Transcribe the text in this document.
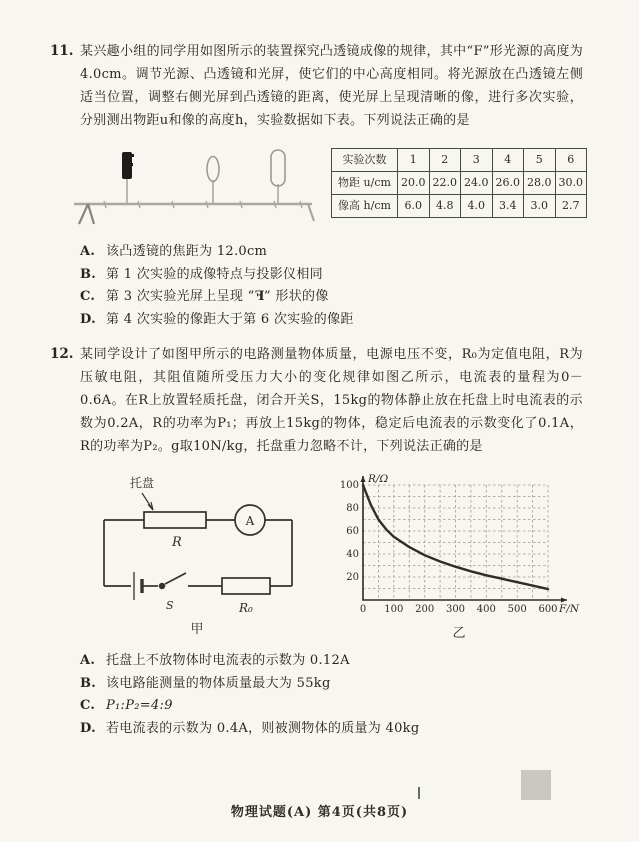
11. 某兴趣小组的同学用如图所示的装置探究凸透镜成像的规律，其中“F”形光源的高度为4.0cm。调节光源、凸透镜和光屏，使它们的中心高度相同。将光源放在凸透镜左侧适当位置，调整右侧光屏到凸透镜的距离，使光屏上呈现清晰的像，进行多次实验，分别测出物距u和像的高度h，实验数据如下表。下列说法正确的是
实验次数	1	2	3	4	5	6
物距 u/cm	20.0	22.0	24.0	26.0	28.0	30.0
像高 h/cm	6.0	4.8	4.0	3.4	3.0	2.7
A. 该凸透镜的焦距为 12.0cm
B. 第 1 次实验的成像特点与投影仪相同
C. 第 3 次实验光屏上呈现 “F” 形状的像
D. 第 4 次实验的像距大于第 6 次实验的像距
12. 某同学设计了如图甲所示的电路测量物体质量，电源电压不变，R₀为定值电阻，R为压敏电阻，其阻值随所受压力大小的变化规律如图乙所示，电流表的量程为0－0.6A。在R上放置轻质托盘，闭合开关S，15kg的物体静止放在托盘上时电流表的示数为0.2A，R的功率为P₁；再放上15kg的物体，稳定后电流表的示数变化了0.1A，R的功率为P₂。g取10N/kg，托盘重力忽略不计，下列说法正确的是
托盘
R
A
S	R₀
甲
20
40
60
80
100
0 100 200 300 400 500 600
R/Ω
F/N
乙
A. 托盘上不放物体时电流表的示数为 0.12A
B. 该电路能测量的物体质量最大为 55kg
C. P₁:P₂=4:9
D. 若电流表的示数为 0.4A，则被测物体的质量为 40kg
物理试题(A) 第4页(共8页)
